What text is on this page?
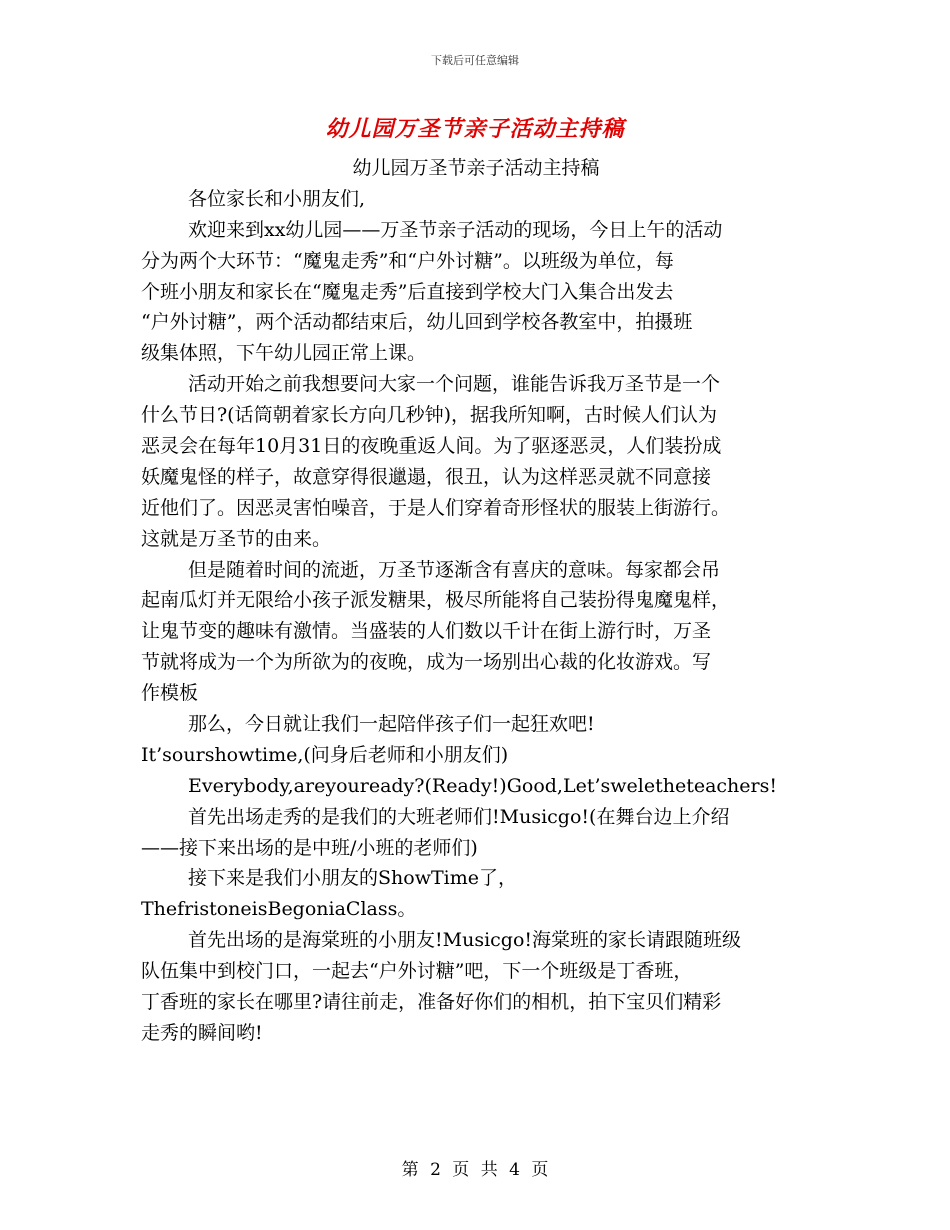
下载后可任意编辑
幼儿园万圣节亲子活动主持稿
幼儿园万圣节亲子活动主持稿
各位家长和小朋友们,
欢迎来到xx幼儿园——万圣节亲子活动的现场，今日上午的活动
分为两个大环节：“魔鬼走秀”和“户外讨糖”。以班级为单位，每
个班小朋友和家长在“魔鬼走秀”后直接到学校大门入集合出发去
“户外讨糖”，两个活动都结束后，幼儿回到学校各教室中，拍摄班
级集体照，下午幼儿园正常上课。
活动开始之前我想要问大家一个问题，谁能告诉我万圣节是一个
什么节日?(话筒朝着家长方向几秒钟)，据我所知啊，古时候人们认为
恶灵会在每年10月31日的夜晚重返人间。为了驱逐恶灵，人们装扮成
妖魔鬼怪的样子，故意穿得很邋遢，很丑，认为这样恶灵就不同意接
近他们了。因恶灵害怕噪音，于是人们穿着奇形怪状的服装上街游行。
这就是万圣节的由来。
但是随着时间的流逝，万圣节逐渐含有喜庆的意味。每家都会吊
起南瓜灯并无限给小孩子派发糖果，极尽所能将自己装扮得鬼魔鬼样，
让鬼节变的趣味有激情。当盛装的人们数以千计在街上游行时，万圣
节就将成为一个为所欲为的夜晚，成为一场别出心裁的化妆游戏。写
作模板
那么，今日就让我们一起陪伴孩子们一起狂欢吧!
It’sourshowtime,(问身后老师和小朋友们)
Everybody,areyouready?(Ready!)Good,Let’sweletheteachers!
首先出场走秀的是我们的大班老师们!Musicgo!(在舞台边上介绍
——接下来出场的是中班/小班的老师们)
接下来是我们小朋友的ShowTime了，
ThefristoneisBegoniaClass。
首先出场的是海棠班的小朋友!Musicgo!海棠班的家长请跟随班级
队伍集中到校门口，一起去“户外讨糖”吧，下一个班级是丁香班，
丁香班的家长在哪里?请往前走，准备好你们的相机，拍下宝贝们精彩
走秀的瞬间哟!
第 2 页 共 4 页
